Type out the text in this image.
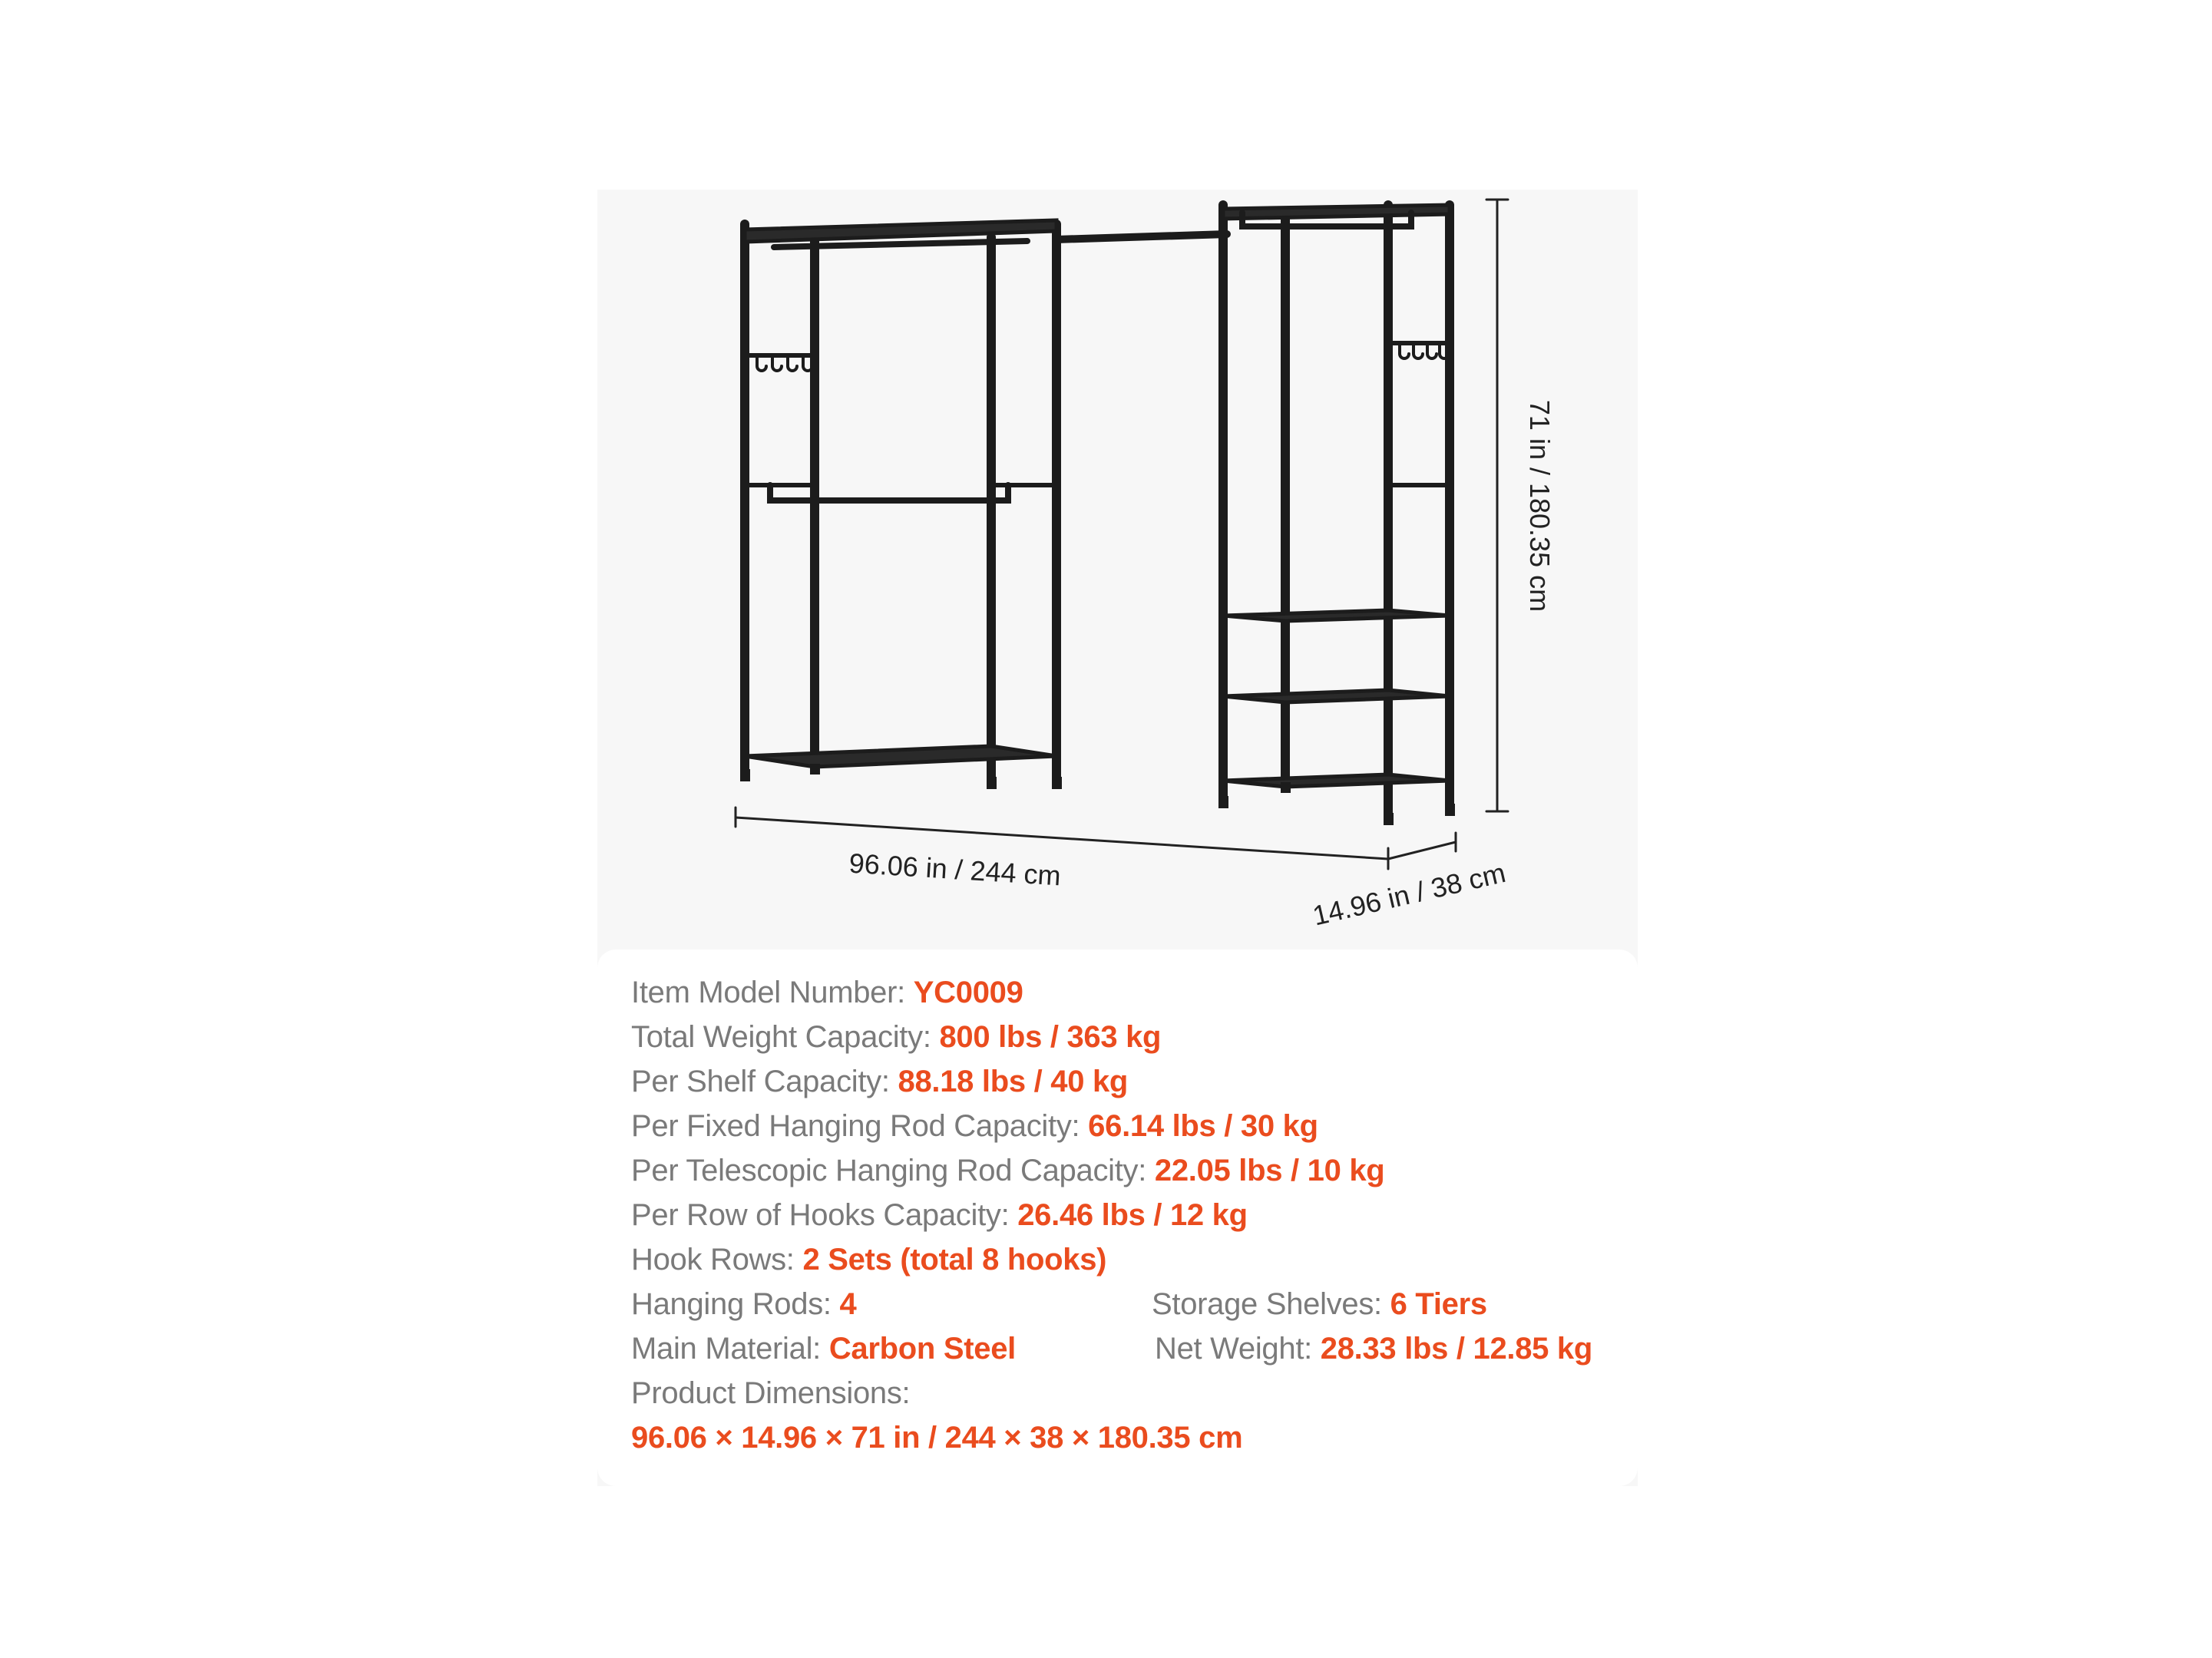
96.06 in / 244 cm	14.96 in / 38 cm
71 in / 180.35 cm
Item Model Number: YC0009
Total Weight Capacity: 800 lbs / 363 kg
Per Shelf Capacity: 88.18 lbs / 40 kg
Per Fixed Hanging Rod Capacity: 66.14 lbs / 30 kg
Per Telescopic Hanging Rod Capacity: 22.05 lbs / 10 kg
Per Row of Hooks Capacity: 26.46 lbs / 12 kg
Hook Rows: 2 Sets (total 8 hooks)
Hanging Rods: 4	Storage Shelves: 6 Tiers
Main Material: Carbon Steel	Net Weight: 28.33 lbs / 12.85 kg
Product Dimensions:
96.06 × 14.96 × 71 in / 244 × 38 × 180.35 cm
